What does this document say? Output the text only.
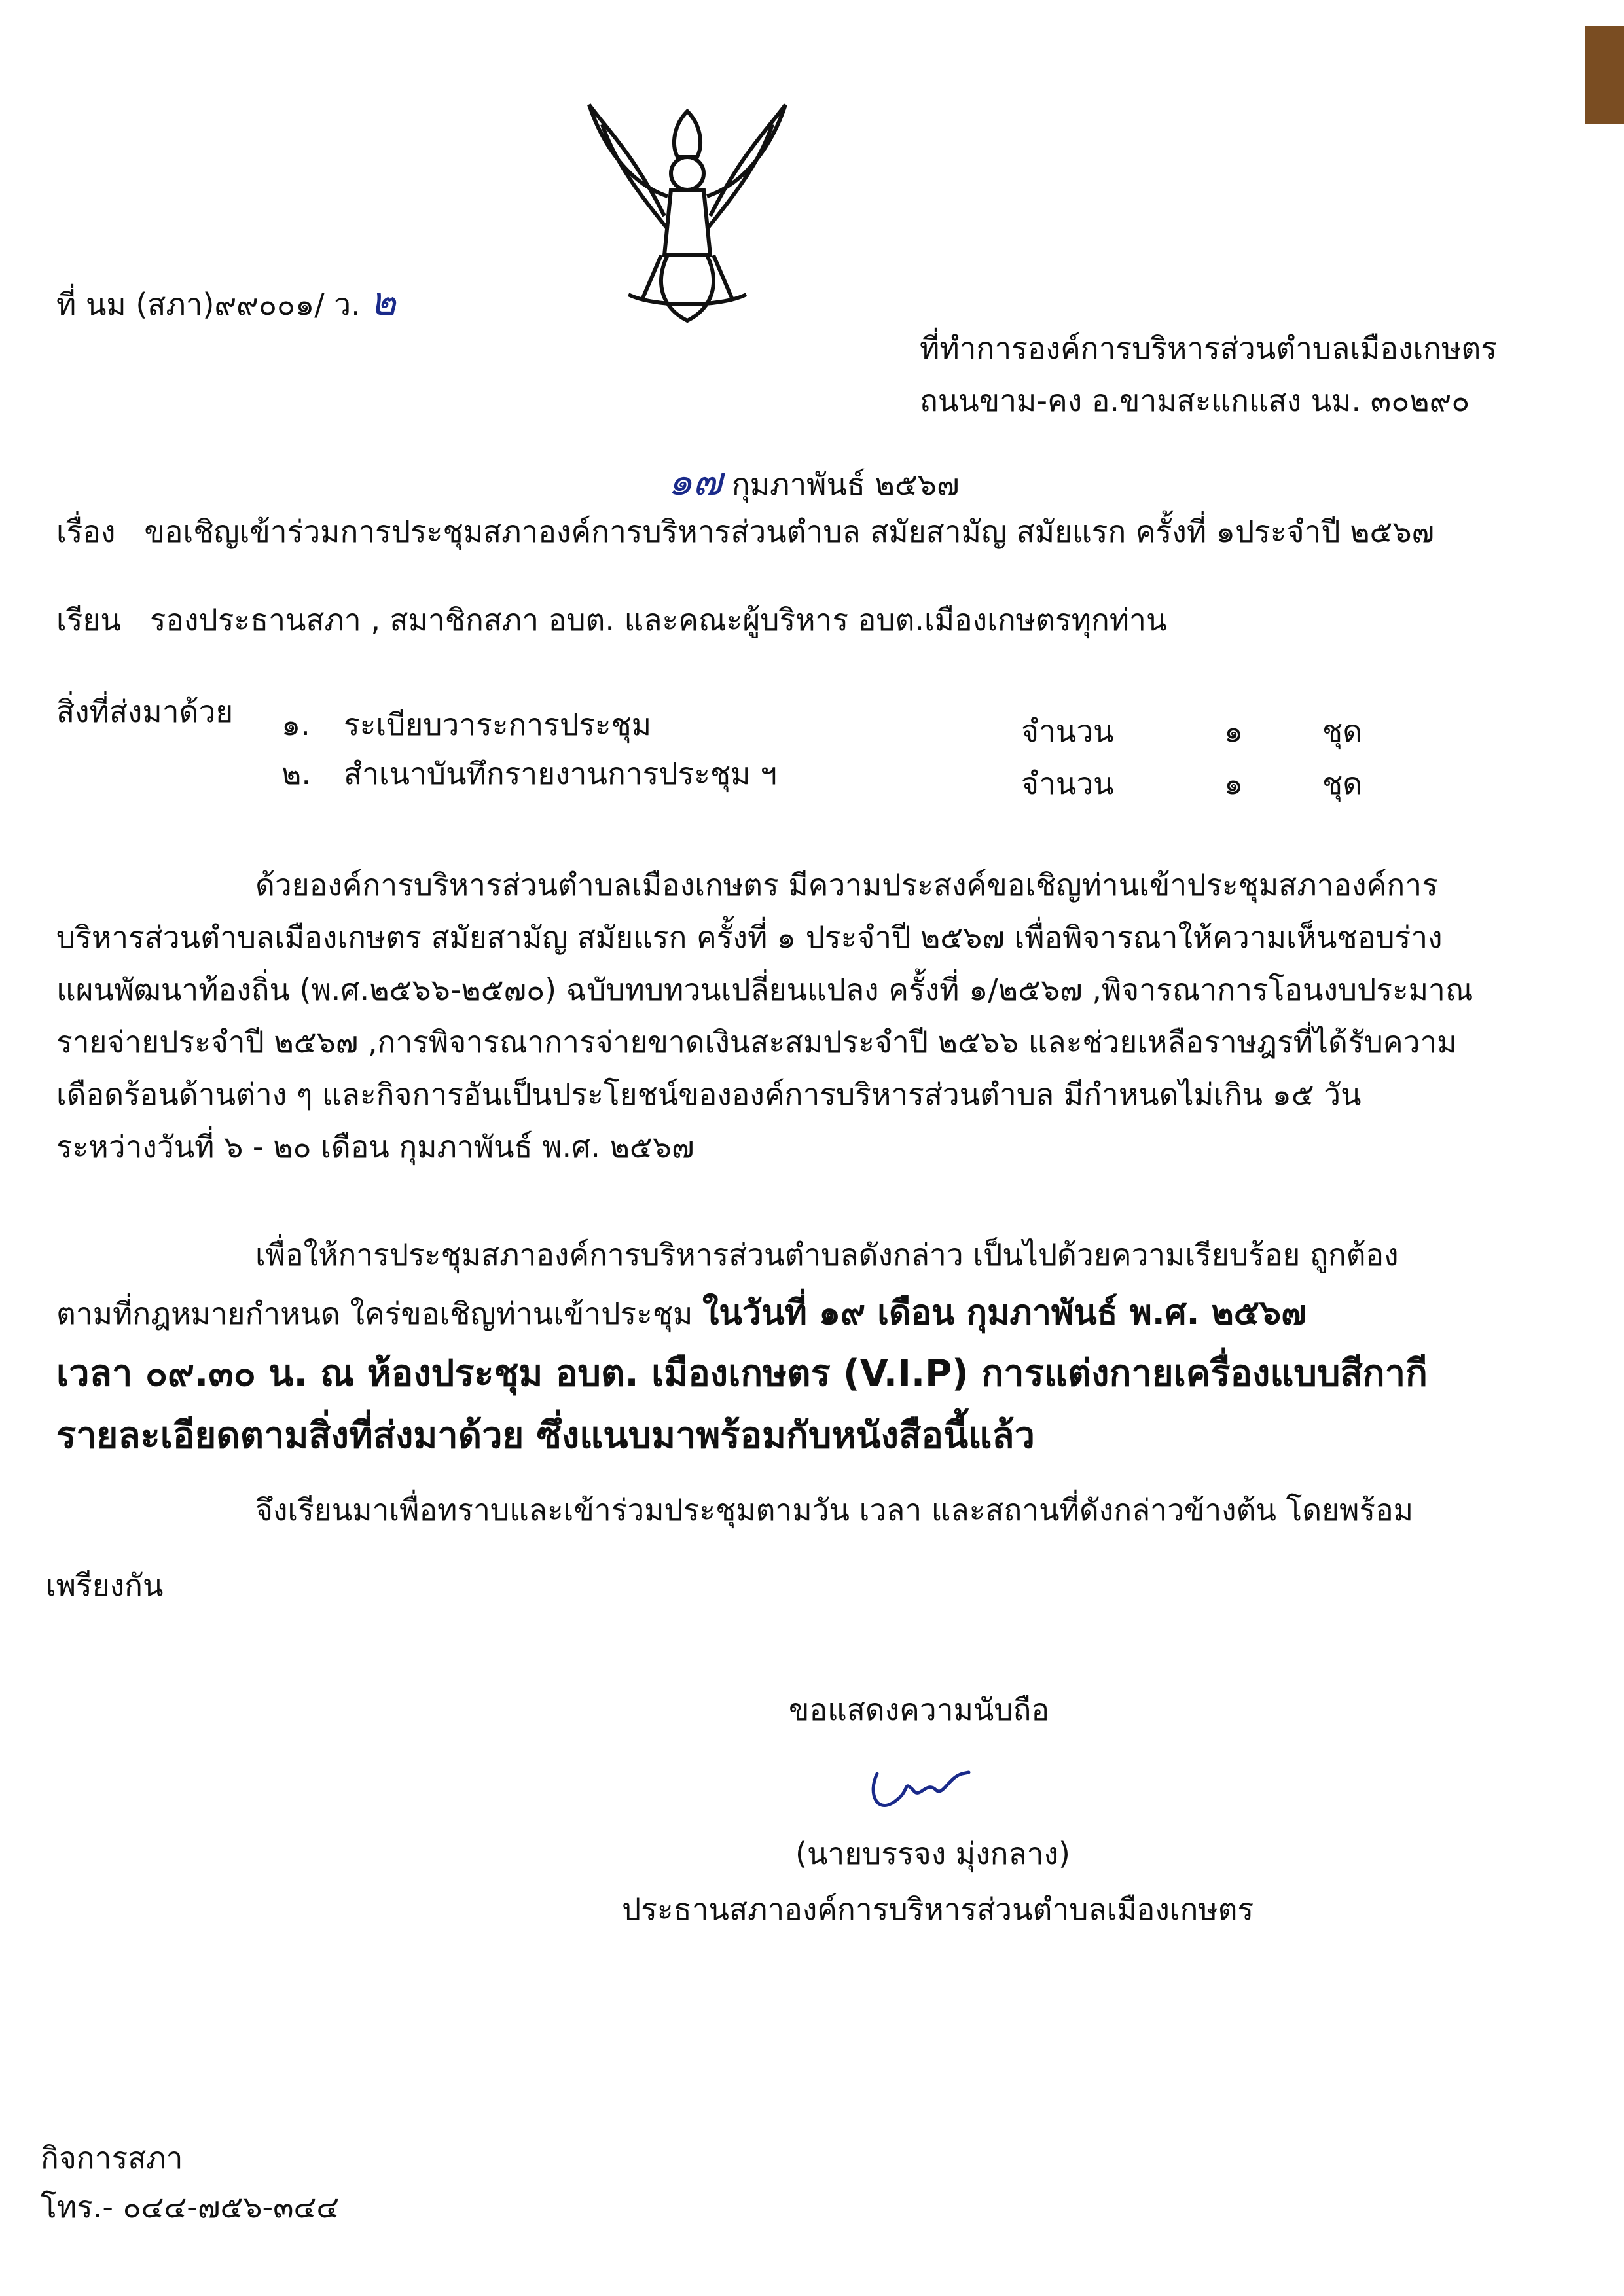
ที่ นม (สภา)๙๙๐๐๑/ ว. ๒
ที่ทำการองค์การบริหารส่วนตำบลเมืองเกษตร
ถนนขาม-คง อ.ขามสะแกแสง นม. ๓๐๒๙๐
๑๗ กุมภาพันธ์ ๒๕๖๗
เรื่อง ขอเชิญเข้าร่วมการประชุมสภาองค์การบริหารส่วนตำบล สมัยสามัญ สมัยแรก ครั้งที่ ๑ประจำปี ๒๕๖๗
เรียน รองประธานสภา , สมาชิกสภา อบต. และคณะผู้บริหาร อบต.เมืองเกษตรทุกท่าน
สิ่งที่ส่งมาด้วย ๑. ระเบียบวาระการประชุม	จำนวน	๑	ชุด
๒. สำเนาบันทึกรายงานการประชุม ฯ	จำนวน	๑	ชุด
ด้วยองค์การบริหารส่วนตำบลเมืองเกษตร มีความประสงค์ขอเชิญท่านเข้าประชุมสภาองค์การ
บริหารส่วนตำบลเมืองเกษตร สมัยสามัญ สมัยแรก ครั้งที่ ๑ ประจำปี ๒๕๖๗ เพื่อพิจารณาให้ความเห็นชอบร่าง
แผนพัฒนาท้องถิ่น (พ.ศ.๒๕๖๖-๒๕๗๐) ฉบับทบทวนเปลี่ยนแปลง ครั้งที่ ๑/๒๕๖๗ ,พิจารณาการโอนงบประมาณ
รายจ่ายประจำปี ๒๕๖๗ ,การพิจารณาการจ่ายขาดเงินสะสมประจำปี ๒๕๖๖ และช่วยเหลือราษฎรที่ได้รับความ
เดือดร้อนด้านต่าง ๆ และกิจการอันเป็นประโยชน์ขององค์การบริหารส่วนตำบล มีกำหนดไม่เกิน ๑๕ วัน
ระหว่างวันที่ ๖ - ๒๐ เดือน กุมภาพันธ์ พ.ศ. ๒๕๖๗
เพื่อให้การประชุมสภาองค์การบริหารส่วนตำบลดังกล่าว เป็นไปด้วยความเรียบร้อย ถูกต้อง
ตามที่กฎหมายกำหนด ใคร่ขอเชิญท่านเข้าประชุม ในวันที่ ๑๙ เดือน กุมภาพันธ์ พ.ศ. ๒๕๖๗
เวลา ๐๙.๓๐ น. ณ ห้องประชุม อบต. เมืองเกษตร (V.I.P) การแต่งกายเครื่องแบบสีกากี
รายละเอียดตามสิ่งที่ส่งมาด้วย ซึ่งแนบมาพร้อมกับหนังสือนี้แล้ว
จึงเรียนมาเพื่อทราบและเข้าร่วมประชุมตามวัน เวลา และสถานที่ดังกล่าวข้างต้น โดยพร้อม
เพรียงกัน
ขอแสดงความนับถือ
(นายบรรจง มุ่งกลาง)
ประธานสภาองค์การบริหารส่วนตำบลเมืองเกษตร
กิจการสภา
โทร.- ๐๔๔-๗๕๖-๓๔๔
